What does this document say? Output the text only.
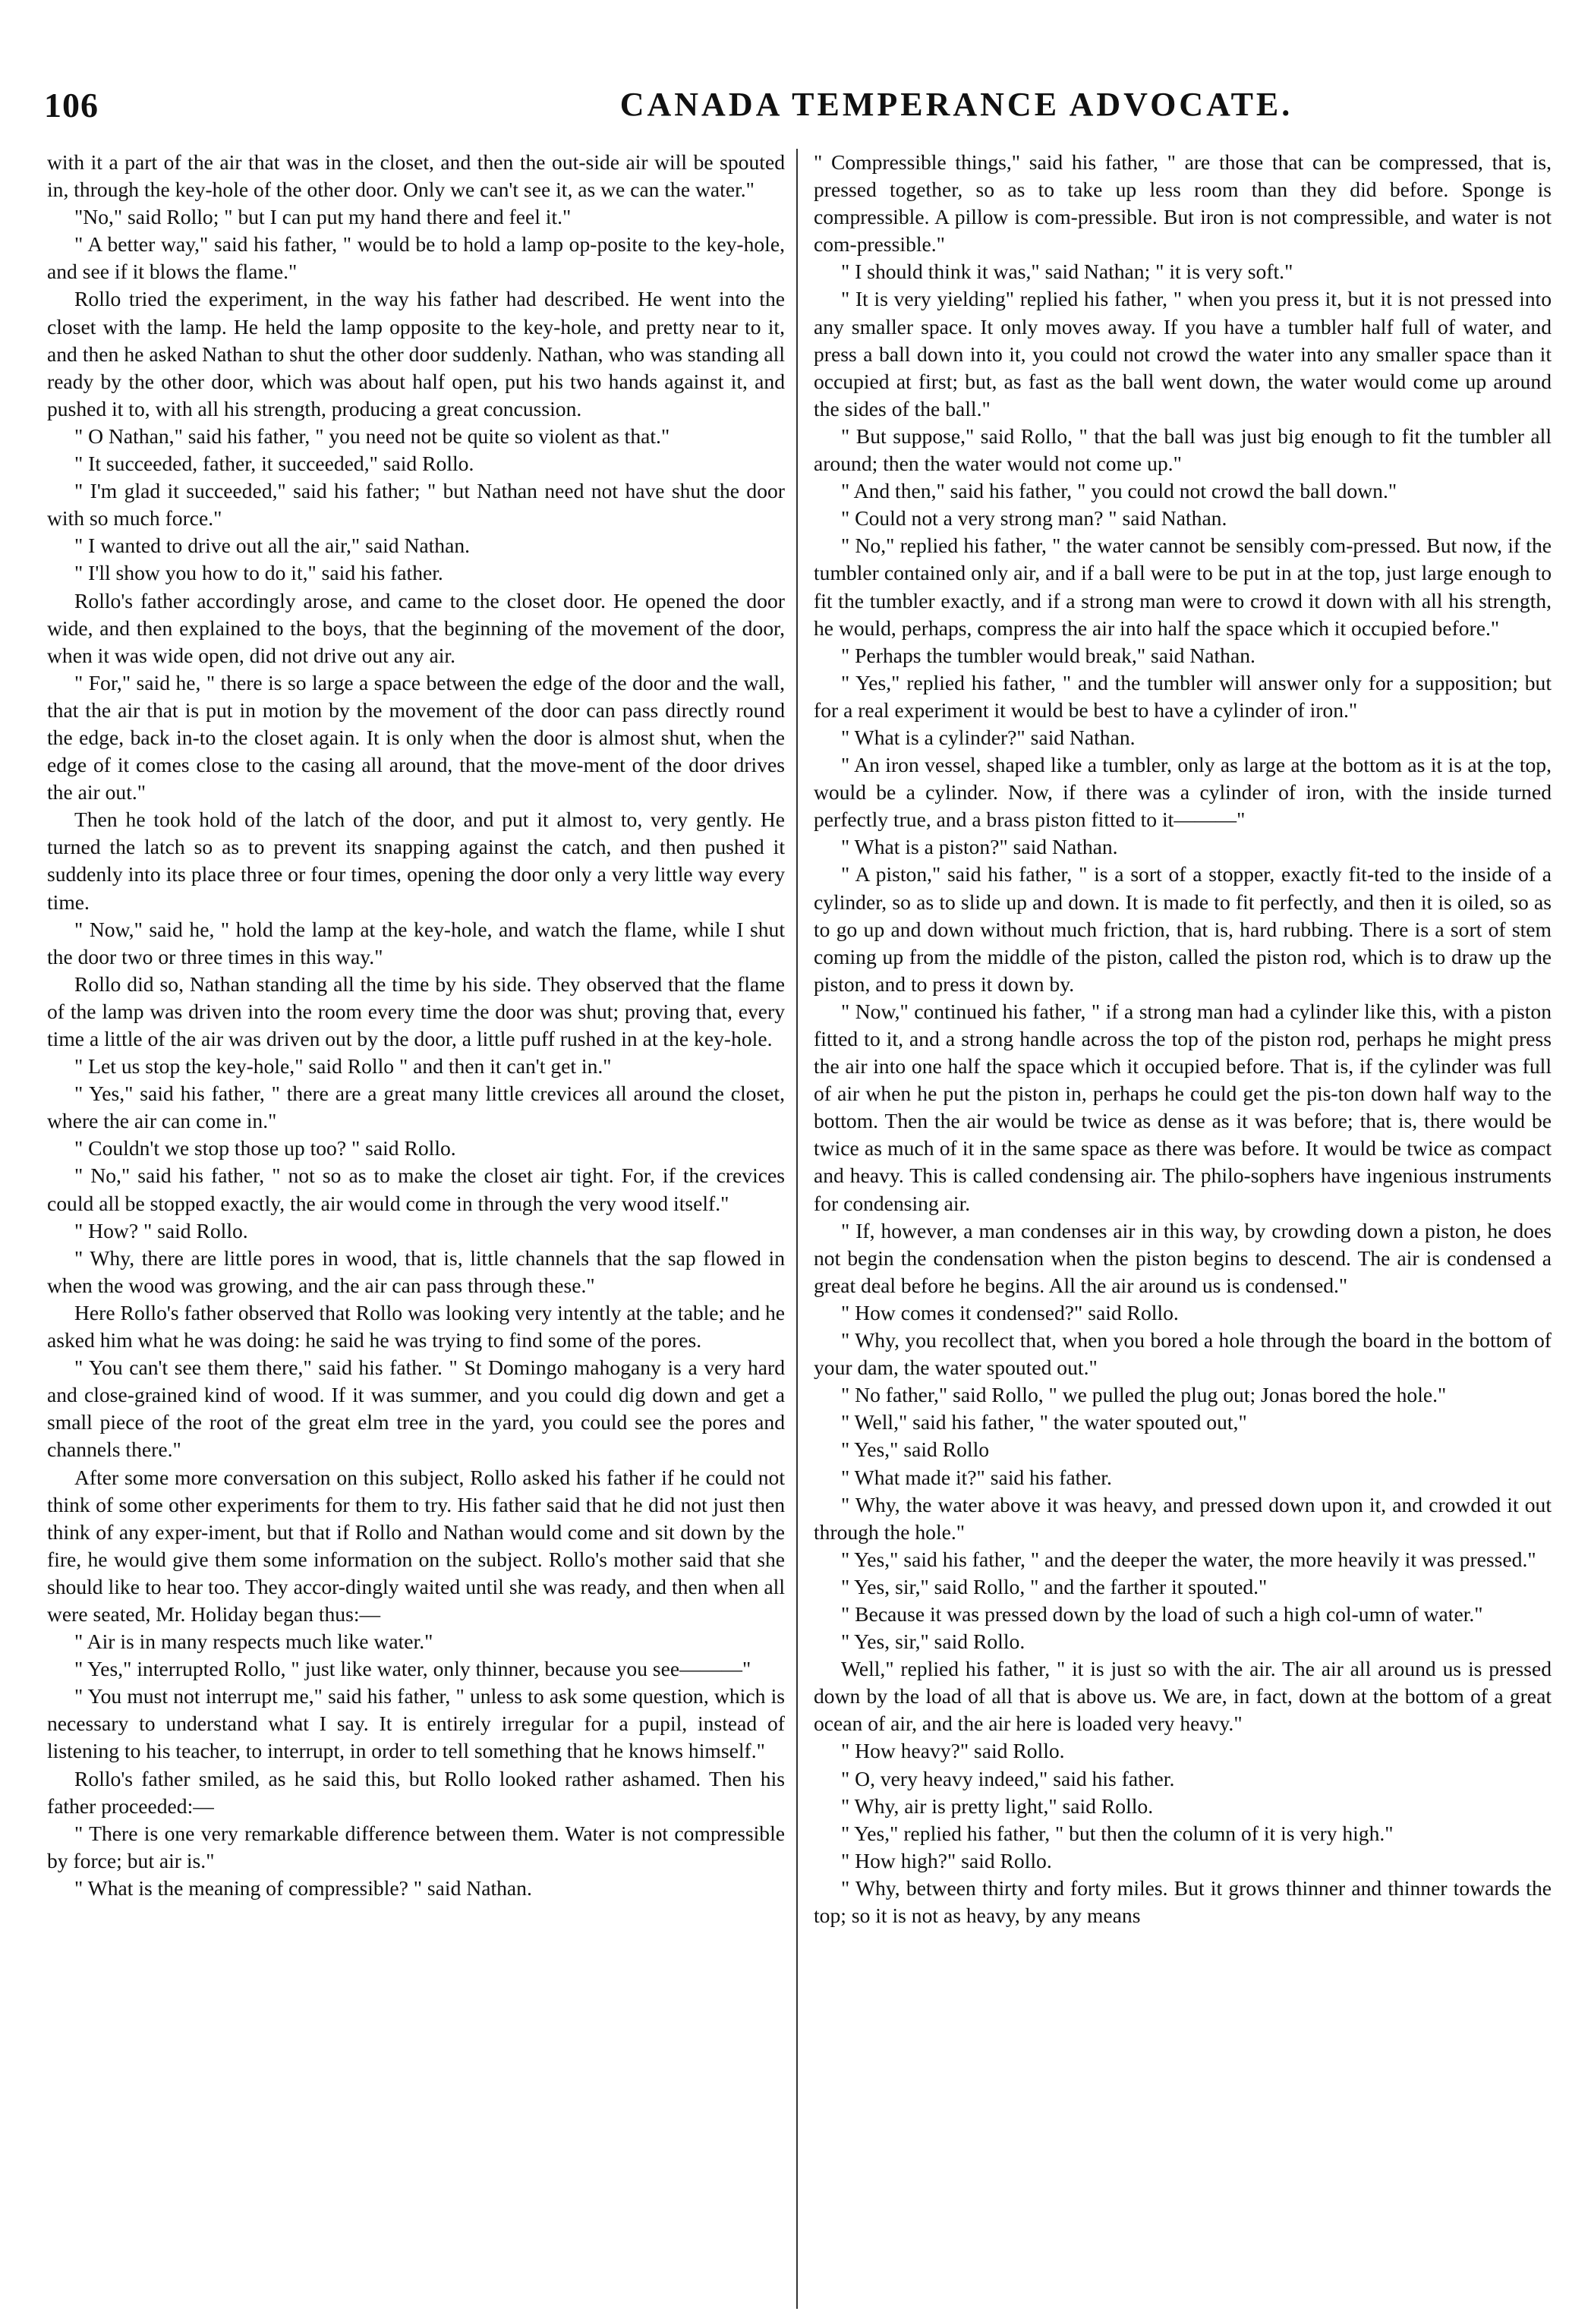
106	CANADA TEMPERANCE ADVOCATE.

with it a part of the air that was in the closet, and then the out-side air will be spouted in, through the key-hole of the other door. Only we can't see it, as we can the water."

"No," said Rollo; " but I can put my hand there and feel it."

" A better way," said his father, " would be to hold a lamp op-posite to the key-hole, and see if it blows the flame."

Rollo tried the experiment, in the way his father had described. He went into the closet with the lamp. He held the lamp opposite to the key-hole, and pretty near to it, and then he asked Nathan to shut the other door suddenly. Nathan, who was standing all ready by the other door, which was about half open, put his two hands against it, and pushed it to, with all his strength, producing a great concussion.

" O Nathan," said his father, " you need not be quite so violent as that."

" It succeeded, father, it succeeded," said Rollo.

" I'm glad it succeeded," said his father; " but Nathan need not have shut the door with so much force."

" I wanted to drive out all the air," said Nathan.

" I'll show you how to do it," said his father.

Rollo's father accordingly arose, and came to the closet door. He opened the door wide, and then explained to the boys, that the beginning of the movement of the door, when it was wide open, did not drive out any air.

" For," said he, " there is so large a space between the edge of the door and the wall, that the air that is put in motion by the movement of the door can pass directly round the edge, back in-to the closet again. It is only when the door is almost shut, when the edge of it comes close to the casing all around, that the move-ment of the door drives the air out."

Then he took hold of the latch of the door, and put it almost to, very gently. He turned the latch so as to prevent its snapping against the catch, and then pushed it suddenly into its place three or four times, opening the door only a very little way every time.

" Now," said he, " hold the lamp at the key-hole, and watch the flame, while I shut the door two or three times in this way."

Rollo did so, Nathan standing all the time by his side. They observed that the flame of the lamp was driven into the room every time the door was shut; proving that, every time a little of the air was driven out by the door, a little puff rushed in at the key-hole.

" Let us stop the key-hole," said Rollo " and then it can't get in."

" Yes," said his father, " there are a great many little crevices all around the closet, where the air can come in."

" Couldn't we stop those up too? " said Rollo.

" No," said his father, " not so as to make the closet air tight. For, if the crevices could all be stopped exactly, the air would come in through the very wood itself."

" How? " said Rollo.

" Why, there are little pores in wood, that is, little channels that the sap flowed in when the wood was growing, and the air can pass through these."

Here Rollo's father observed that Rollo was looking very intently at the table; and he asked him what he was doing: he said he was trying to find some of the pores.

" You can't see them there," said his father. " St Domingo mahogany is a very hard and close-grained kind of wood. If it was summer, and you could dig down and get a small piece of the root of the great elm tree in the yard, you could see the pores and channels there."

After some more conversation on this subject, Rollo asked his father if he could not think of some other experiments for them to try. His father said that he did not just then think of any exper-iment, but that if Rollo and Nathan would come and sit down by the fire, he would give them some information on the subject. Rollo's mother said that she should like to hear too. They accor-dingly waited until she was ready, and then when all were seated, Mr. Holiday began thus:—

" Air is in many respects much like water."

" Yes," interrupted Rollo, " just like water, only thinner, because you see———"

" You must not interrupt me," said his father, " unless to ask some question, which is necessary to understand what I say. It is entirely irregular for a pupil, instead of listening to his teacher, to interrupt, in order to tell something that he knows himself."

Rollo's father smiled, as he said this, but Rollo looked rather ashamed. Then his father proceeded:—

" There is one very remarkable difference between them. Water is not compressible by force; but air is."

" What is the meaning of compressible? " said Nathan.

" Compressible things," said his father, " are those that can be compressed, that is, pressed together, so as to take up less room than they did before. Sponge is compressible. A pillow is com-pressible. But iron is not compressible, and water is not com-pressible."

" I should think it was," said Nathan; " it is very soft."

" It is very yielding" replied his father, " when you press it, but it is not pressed into any smaller space. It only moves away. If you have a tumbler half full of water, and press a ball down into it, you could not crowd the water into any smaller space than it occupied at first; but, as fast as the ball went down, the water would come up around the sides of the ball."

" But suppose," said Rollo, " that the ball was just big enough to fit the tumbler all around; then the water would not come up."

" And then," said his father, " you could not crowd the ball down."

" Could not a very strong man? " said Nathan.

" No," replied his father, " the water cannot be sensibly com-pressed. But now, if the tumbler contained only air, and if a ball were to be put in at the top, just large enough to fit the tumbler exactly, and if a strong man were to crowd it down with all his strength, he would, perhaps, compress the air into half the space which it occupied before."

" Perhaps the tumbler would break," said Nathan.

" Yes," replied his father, " and the tumbler will answer only for a supposition; but for a real experiment it would be best to have a cylinder of iron."

" What is a cylinder?" said Nathan.

" An iron vessel, shaped like a tumbler, only as large at the bottom as it is at the top, would be a cylinder. Now, if there was a cylinder of iron, with the inside turned perfectly true, and a brass piston fitted to it———"

" What is a piston?" said Nathan.

" A piston," said his father, " is a sort of a stopper, exactly fit-ted to the inside of a cylinder, so as to slide up and down. It is made to fit perfectly, and then it is oiled, so as to go up and down without much friction, that is, hard rubbing. There is a sort of stem coming up from the middle of the piston, called the piston rod, which is to draw up the piston, and to press it down by.

" Now," continued his father, " if a strong man had a cylinder like this, with a piston fitted to it, and a strong handle across the top of the piston rod, perhaps he might press the air into one half the space which it occupied before. That is, if the cylinder was full of air when he put the piston in, perhaps he could get the pis-ton down half way to the bottom. Then the air would be twice as dense as it was before; that is, there would be twice as much of it in the same space as there was before. It would be twice as compact and heavy. This is called condensing air. The philo-sophers have ingenious instruments for condensing air.

" If, however, a man condenses air in this way, by crowding down a piston, he does not begin the condensation when the piston begins to descend. The air is condensed a great deal before he begins. All the air around us is condensed."

" How comes it condensed?" said Rollo.

" Why, you recollect that, when you bored a hole through the board in the bottom of your dam, the water spouted out."

" No father," said Rollo, " we pulled the plug out; Jonas bored the hole."

" Well," said his father, " the water spouted out,"

" Yes," said Rollo

" What made it?" said his father.

" Why, the water above it was heavy, and pressed down upon it, and crowded it out through the hole."

" Yes," said his father, " and the deeper the water, the more heavily it was pressed."

" Yes, sir," said Rollo, " and the farther it spouted."

" Because it was pressed down by the load of such a high col-umn of water."

" Yes, sir," said Rollo.

Well," replied his father, " it is just so with the air. The air all around us is pressed down by the load of all that is above us. We are, in fact, down at the bottom of a great ocean of air, and the air here is loaded very heavy."

" How heavy?" said Rollo.

" O, very heavy indeed," said his father.

" Why, air is pretty light," said Rollo.

" Yes," replied his father, " but then the column of it is very high."

" How high?" said Rollo.

" Why, between thirty and forty miles. But it grows thinner and thinner towards the top; so it is not as heavy, by any means
